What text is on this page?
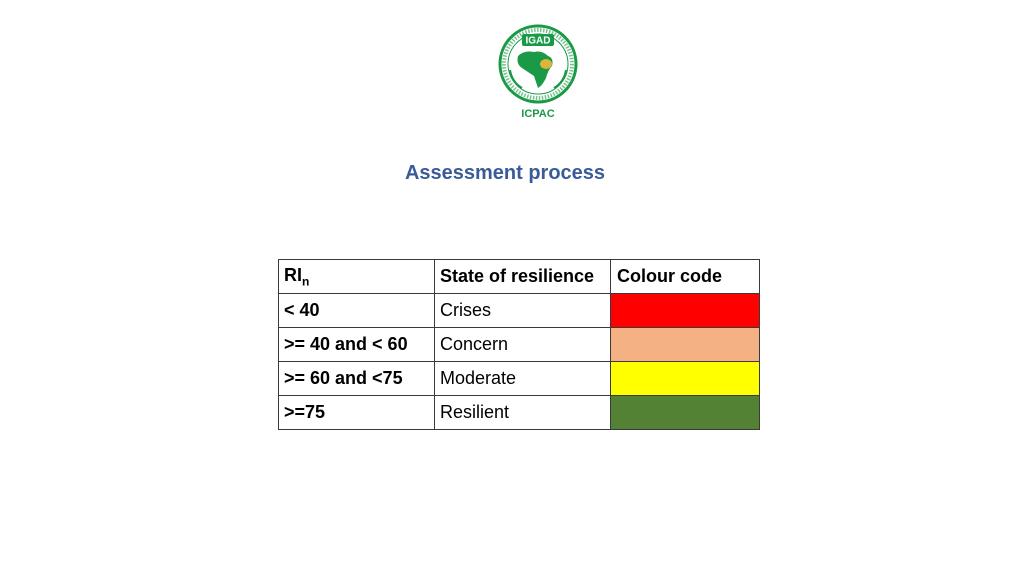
IGAD
ICPAC
Assessment process
$RI_n$	State of resilience	Colour code
< 40	Crises	

>= 40 and < 60	Concern	

>= 60 and <75	Moderate	

>=75	Resilient	
